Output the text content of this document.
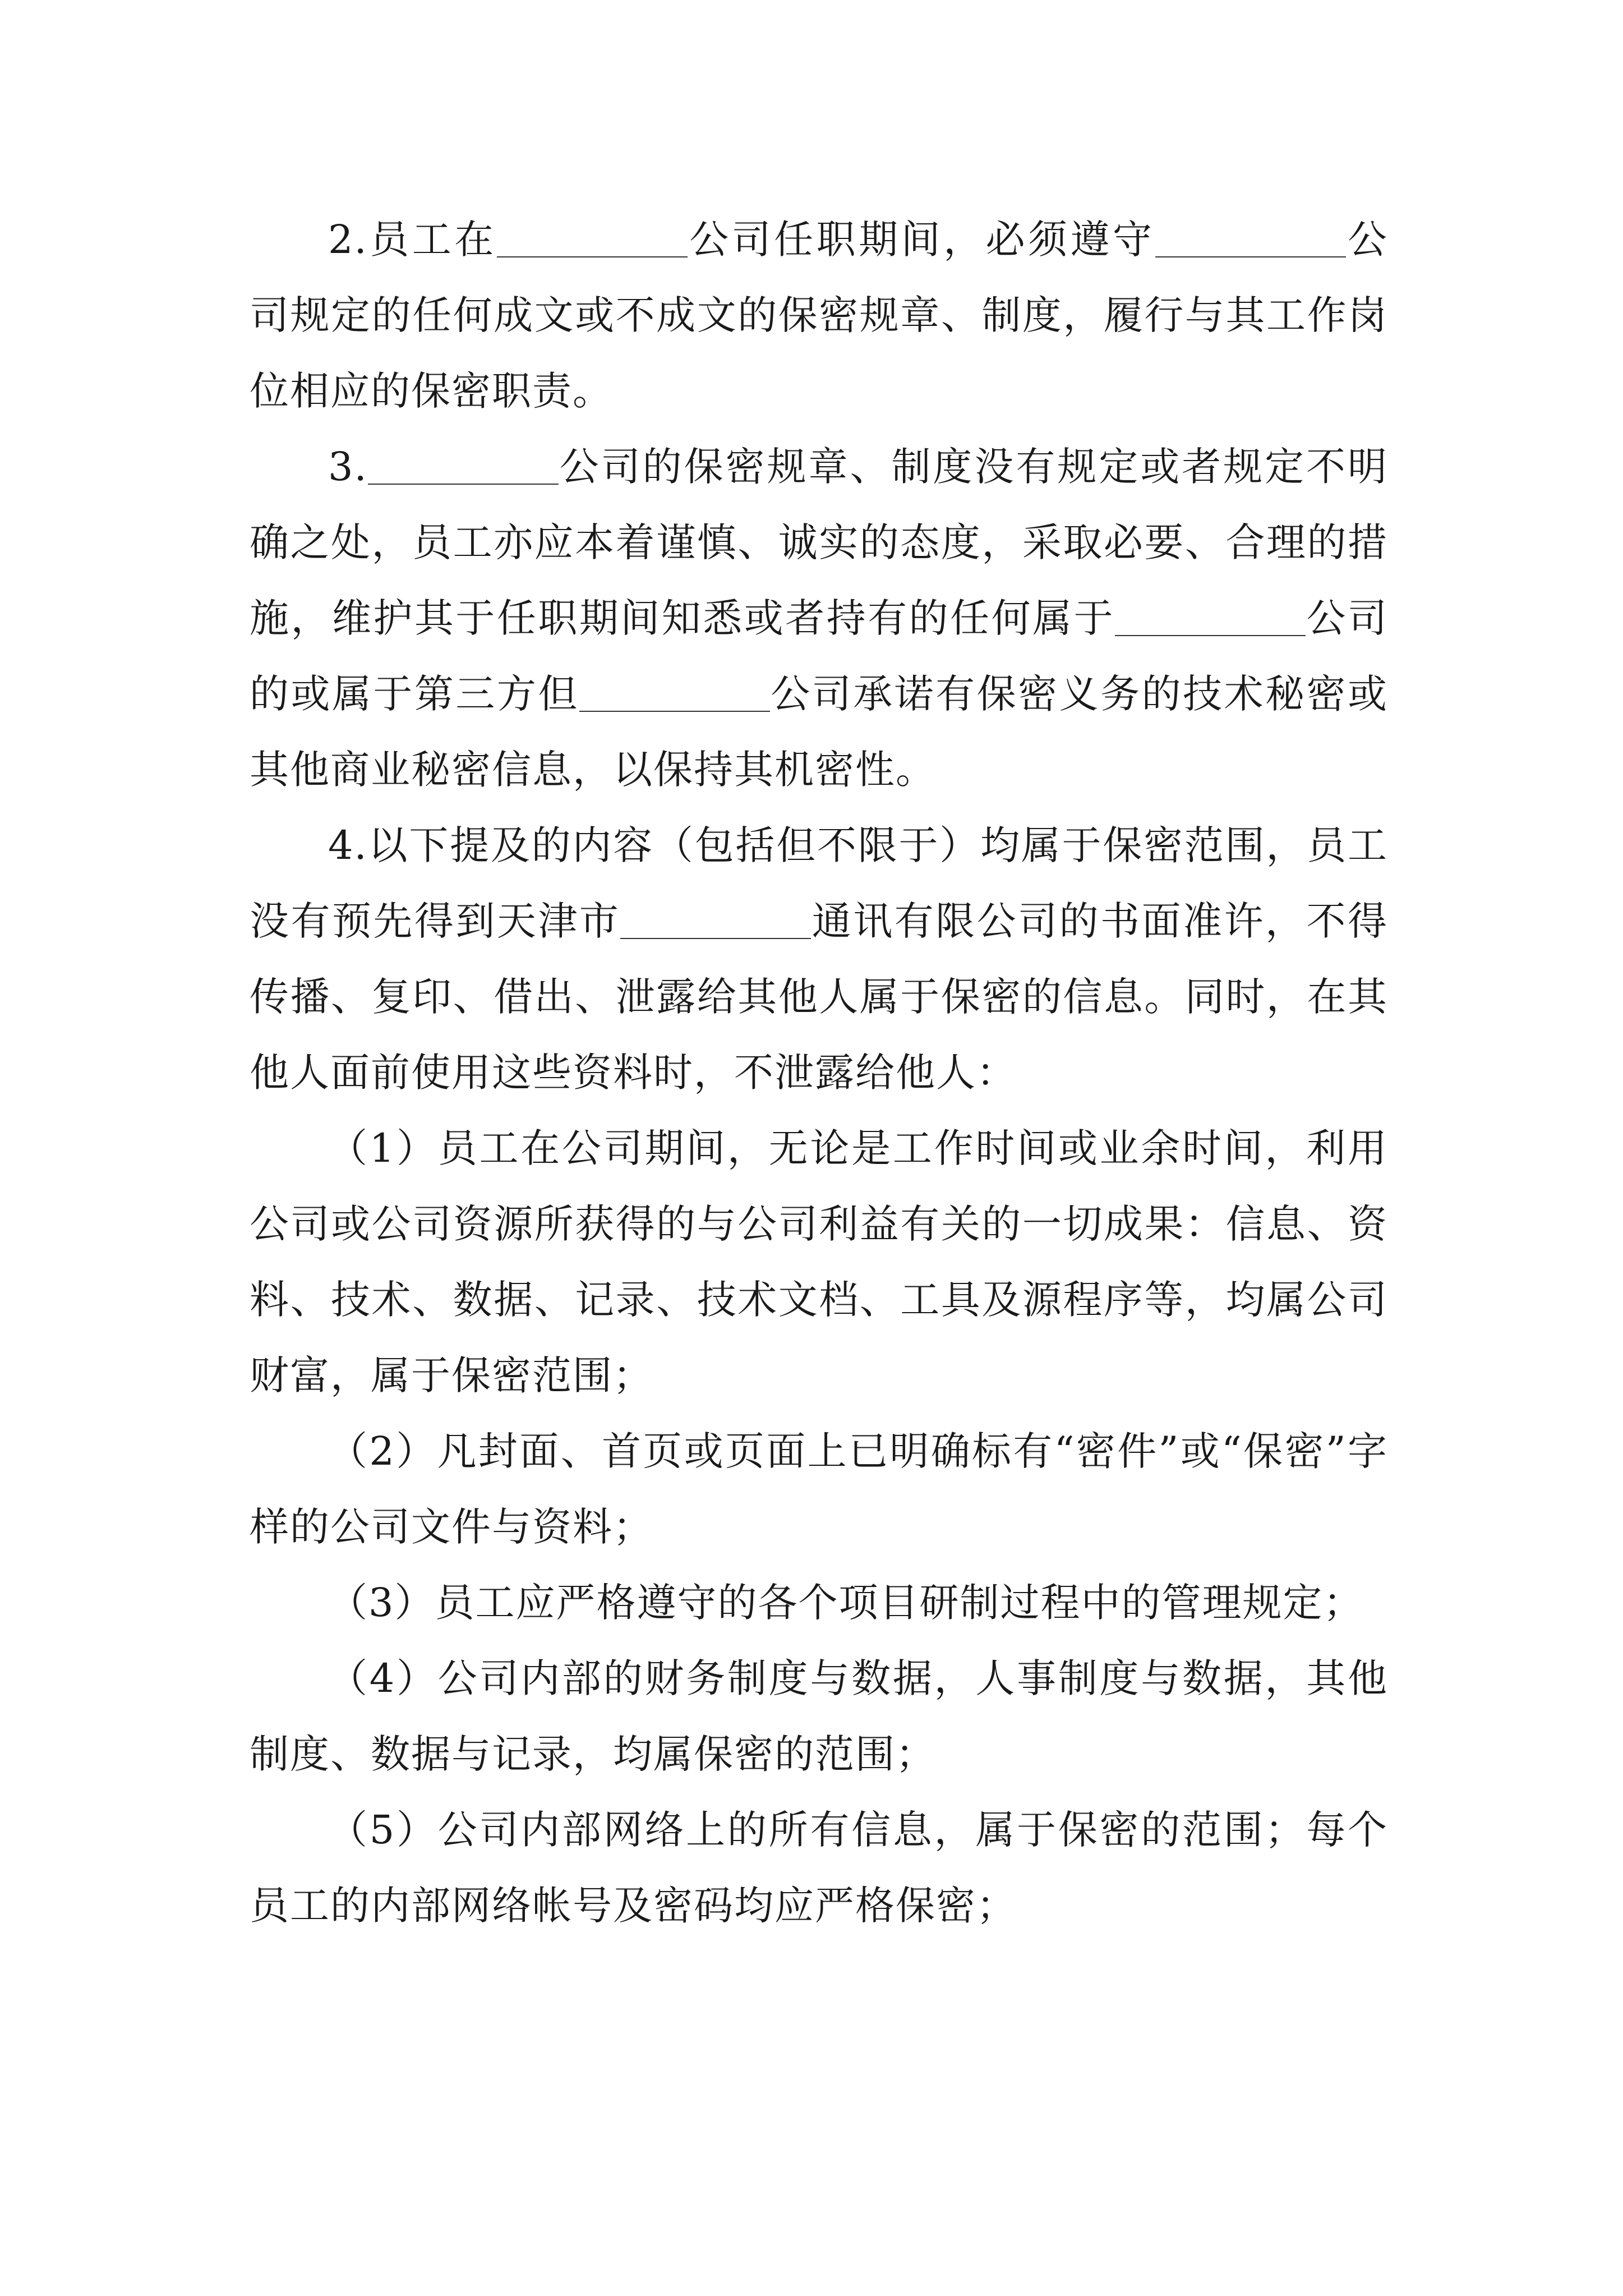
2.员工在	公司任职期间，必须遵守	公司规定的任何成文或不成文的保密规章、制度，履行与其工作岗位相应的保密职责。

3.	公司的保密规章、制度没有规定或者规定不明确之处，员工亦应本着谨慎、诚实的态度，采取必要、合理的措施，维护其于任职期间知悉或者持有的任何属于	公司的或属于第三方但	公司承诺有保密义务的技术秘密或其他商业秘密信息，以保持其机密性。

4.以下提及的内容（包括但不限于）均属于保密范围，员工没有预先得到天津市	通讯有限公司的书面准许，不得传播、复印、借出、泄露给其他人属于保密的信息。同时，在其他人面前使用这些资料时，不泄露给他人：

（1）员工在公司期间，无论是工作时间或业余时间，利用公司或公司资源所获得的与公司利益有关的一切成果：信息、资料、技术、数据、记录、技术文档、工具及源程序等，均属公司财富，属于保密范围；

（2）凡封面、首页或页面上已明确标有“密件”或“保密”字样的公司文件与资料；

（3）员工应严格遵守的各个项目研制过程中的管理规定；

（4）公司内部的财务制度与数据，人事制度与数据，其他制度、数据与记录，均属保密的范围；

（5）公司内部网络上的所有信息，属于保密的范围；每个员工的内部网络帐号及密码均应严格保密；
